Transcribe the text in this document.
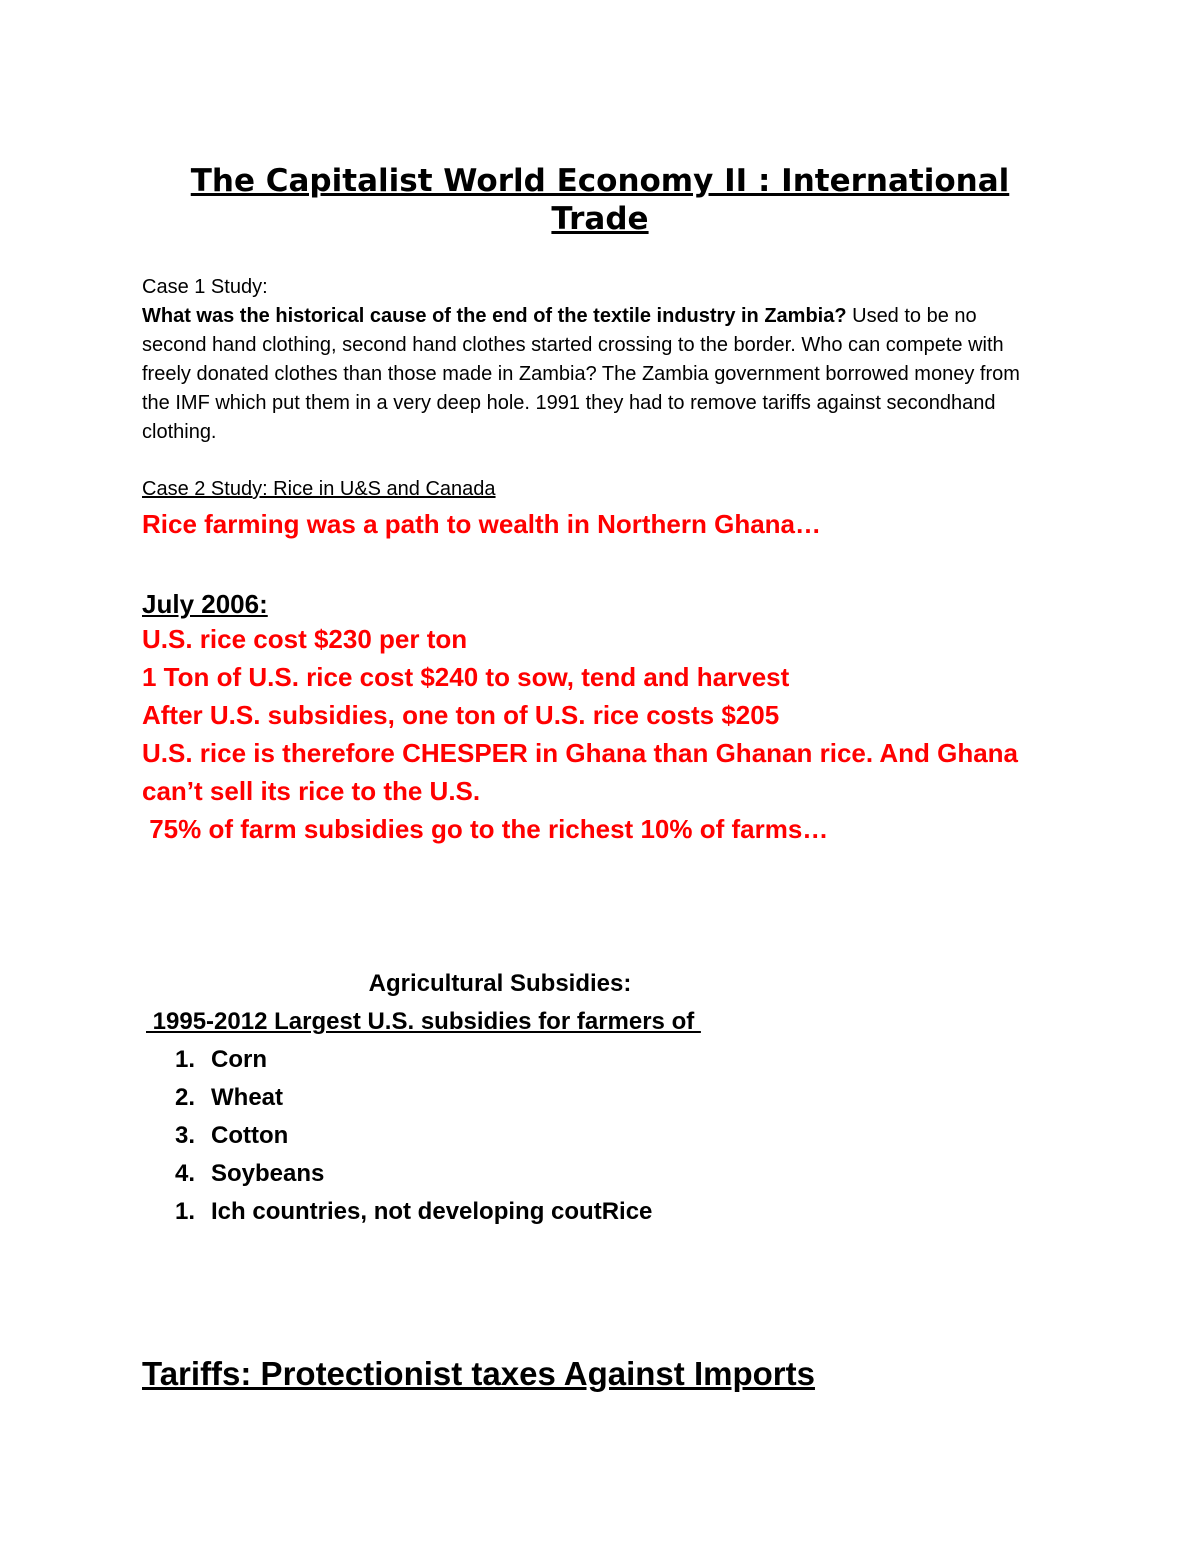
The Capitalist World Economy II : International Trade
Case 1 Study:
What was the historical cause of the end of the textile industry in Zambia? Used to be no second hand clothing, second hand clothes started crossing to the border. Who can compete with freely donated clothes than those made in Zambia? The Zambia government borrowed money from the IMF which put them in a very deep hole. 1991 they had to remove tariffs against secondhand clothing.
Case 2 Study: Rice in U&S and Canada
Rice farming was a path to wealth in Northern Ghana…
July 2006:
U.S. rice cost $230 per ton
1 Ton of U.S. rice cost $240 to sow, tend and harvest
After U.S. subsidies, one ton of U.S. rice costs $205
U.S. rice is therefore CHESPER in Ghana than Ghanan rice. And Ghana can’t sell its rice to the U.S.
75% of farm subsidies go to the richest 10% of farms…
Agricultural Subsidies:
1995-2012 Largest U.S. subsidies for farmers of
1. Corn
2. Wheat
3. Cotton
4. Soybeans
1. Ich countries, not developing coutRice
Tariffs: Protectionist taxes Against Imports
